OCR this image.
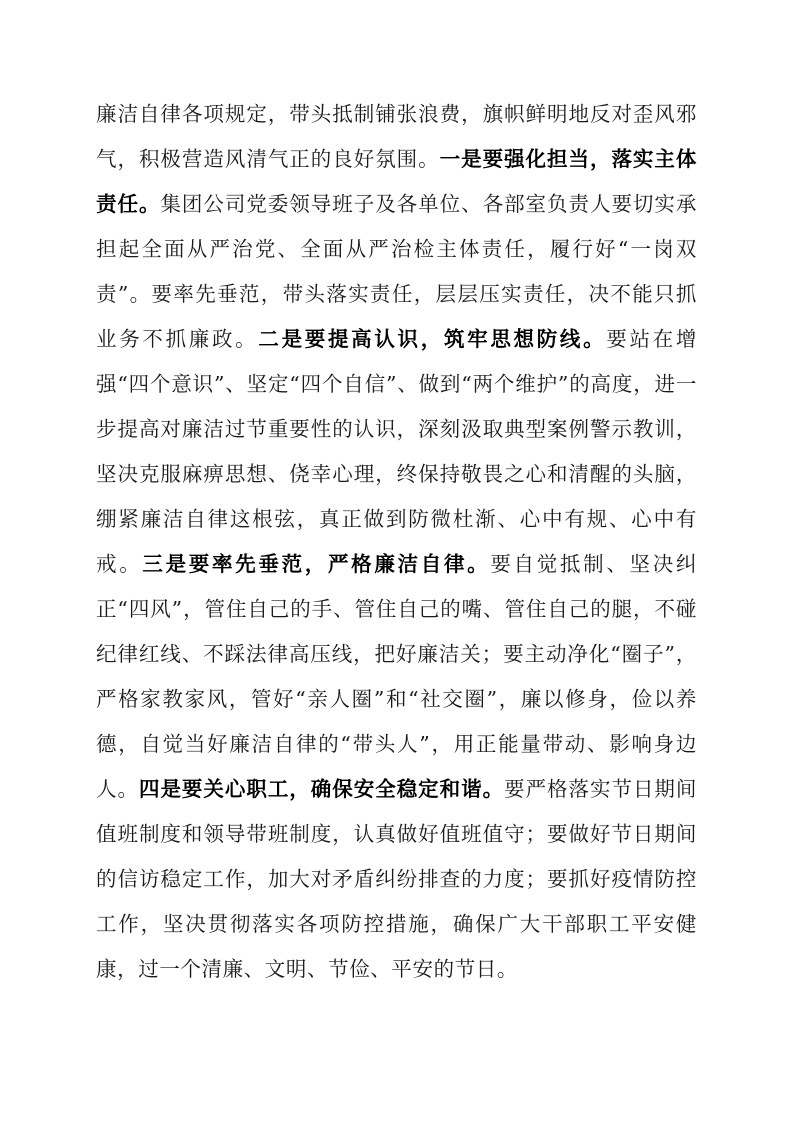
廉洁自律各项规定，带头抵制铺张浪费，旗帜鲜明地反对歪风邪气，积极营造风清气正的良好氛围。一是要强化担当，落实主体责任。集团公司党委领导班子及各单位、各部室负责人要切实承担起全面从严治党、全面从严治检主体责任，履行好“一岗双责”。要率先垂范，带头落实责任，层层压实责任，决不能只抓业务不抓廉政。二是要提高认识，筑牢思想防线。要站在增强“四个意识”、坚定“四个自信”、做到“两个维护”的高度，进一步提高对廉洁过节重要性的认识，深刻汲取典型案例警示教训，坚决克服麻痹思想、侥幸心理，终保持敬畏之心和清醒的头脑，绷紧廉洁自律这根弦，真正做到防微杜渐、心中有规、心中有戒。三是要率先垂范，严格廉洁自律。要自觉抵制、坚决纠正“四风”，管住自己的手、管住自己的嘴、管住自己的腿，不碰纪律红线、不踩法律高压线，把好廉洁关；要主动净化“圈子”，严格家教家风，管好“亲人圈”和“社交圈”，廉以修身，俭以养德，自觉当好廉洁自律的“带头人”，用正能量带动、影响身边人。四是要关心职工，确保安全稳定和谐。要严格落实节日期间值班制度和领导带班制度，认真做好值班值守；要做好节日期间的信访稳定工作，加大对矛盾纠纷排查的力度；要抓好疫情防控工作，坚决贯彻落实各项防控措施，确保广大干部职工平安健康，过一个清廉、文明、节俭、平安的节日。
